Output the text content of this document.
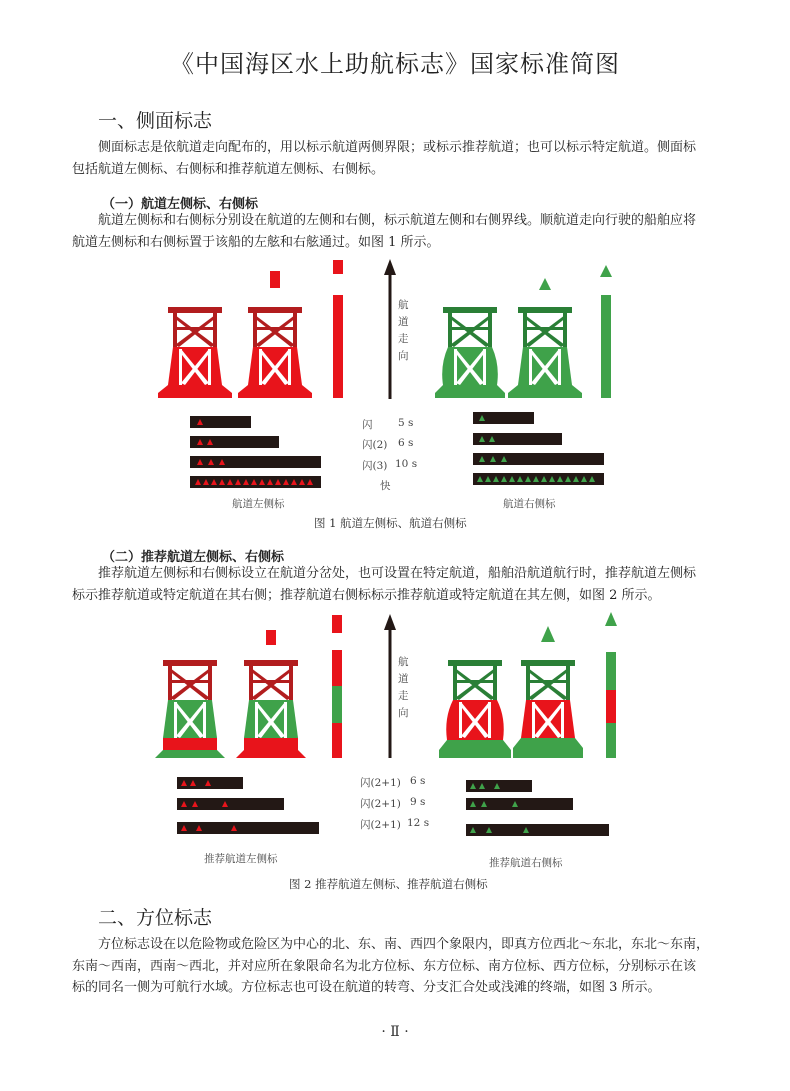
《中国海区水上助航标志》国家标准简图
一、侧面标志
侧面标志是依航道走向配布的，用以标示航道两侧界限；或标示推荐航道；也可以标示特定航道。侧面标
包括航道左侧标、右侧标和推荐航道左侧标、右侧标。
（一）航道左侧标、右侧标
航道左侧标和右侧标分别设在航道的左侧和右侧，标示航道左侧和右侧界线。顺航道走向行驶的船舶应将
航道左侧标和右侧标置于该船的左舷和右舷通过。如图 1 所示。
航
道
走
向
闪 5 s
闪(2) 6 s
闪(3) 10 s
快
航道左侧标	航道右侧标
图 1 航道左侧标、航道右侧标
（二）推荐航道左侧标、右侧标
推荐航道左侧标和右侧标设立在航道分岔处，也可设置在特定航道，船舶沿航道航行时，推荐航道左侧标
标示推荐航道或特定航道在其右侧；推荐航道右侧标标示推荐航道或特定航道在其左侧，如图 2 所示。
航
道
走
向
闪(2+1) 6 s
闪(2+1) 9 s
闪(2+1) 12 s
推荐航道左侧标	推荐航道右侧标
图 2 推荐航道左侧标、推荐航道右侧标
二、方位标志
方位标志设在以危险物或危险区为中心的北、东、南、西四个象限内，即真方位西北～东北，东北～东南，
东南～西南，西南～西北，并对应所在象限命名为北方位标、东方位标、南方位标、西方位标，分别标示在该
标的同名一侧为可航行水域。方位标志也可设在航道的转弯、分支汇合处或浅滩的终端，如图 3 所示。
· Ⅱ ·
